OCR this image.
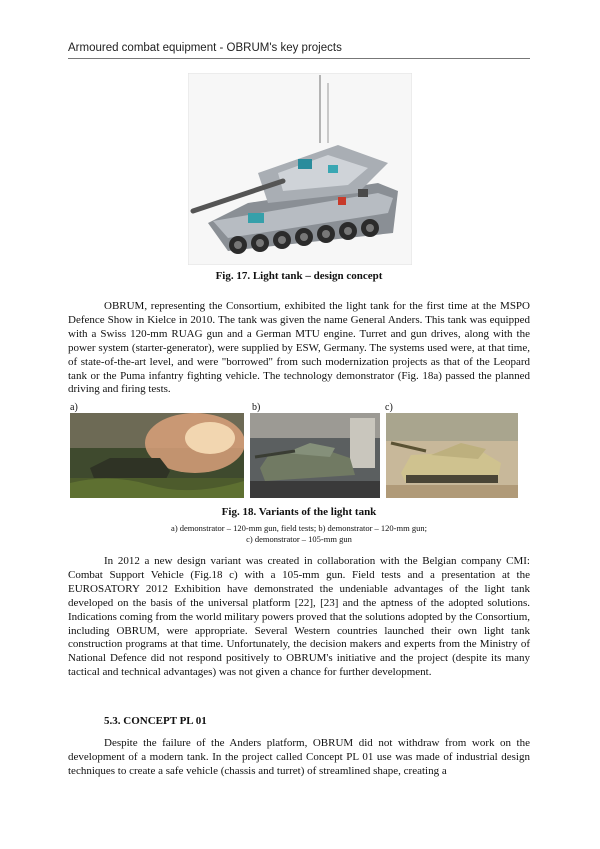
Armoured combat equipment - OBRUM's key projects
Fig. 17. Light tank – design concept

OBRUM, representing the Consortium, exhibited the light tank for the first time at the MSPO Defence Show in Kielce in 2010. The tank was given the name General Anders. This tank was equipped with a Swiss 120-mm RUAG gun and a German MTU engine. Turret and gun drives, along with the power system (starter-generator), were supplied by ESW, Germany. The systems used were, at that time, of state-of-the-art level, and were "borrowed" from such modernization projects as that of the Leopard tank or the Puma infantry fighting vehicle. The technology demonstrator (Fig. 18a) passed the planned driving and firing tests.

a)	b)	c)
Fig. 18. Variants of the light tank
a) demonstrator – 120-mm gun, field tests; b) demonstrator – 120-mm gun;
c) demonstrator – 105-mm gun

In 2012 a new design variant was created in collaboration with the Belgian company CMI: Combat Support Vehicle (Fig.18 c) with a 105-mm gun. Field tests and a presentation at the EUROSATORY 2012 Exhibition have demonstrated the undeniable advantages of the light tank developed on the basis of the universal platform [22], [23] and the aptness of the adopted solutions. Indications coming from the world military powers proved that the solutions adopted by the Consortium, including OBRUM, were appropriate. Several Western countries launched their own light tank construction programs at that time. Unfortunately, the decision makers and experts from the Ministry of National Defence did not respond positively to OBRUM's initiative and the project (despite its many tactical and technical advantages) was not given a chance for further development.

5.3. CONCEPT PL 01

Despite the failure of the Anders platform, OBRUM did not withdraw from work on the development of a modern tank. In the project called Concept PL 01 use was made of industrial design techniques to create a safe vehicle (chassis and turret) of streamlined shape, creating a
